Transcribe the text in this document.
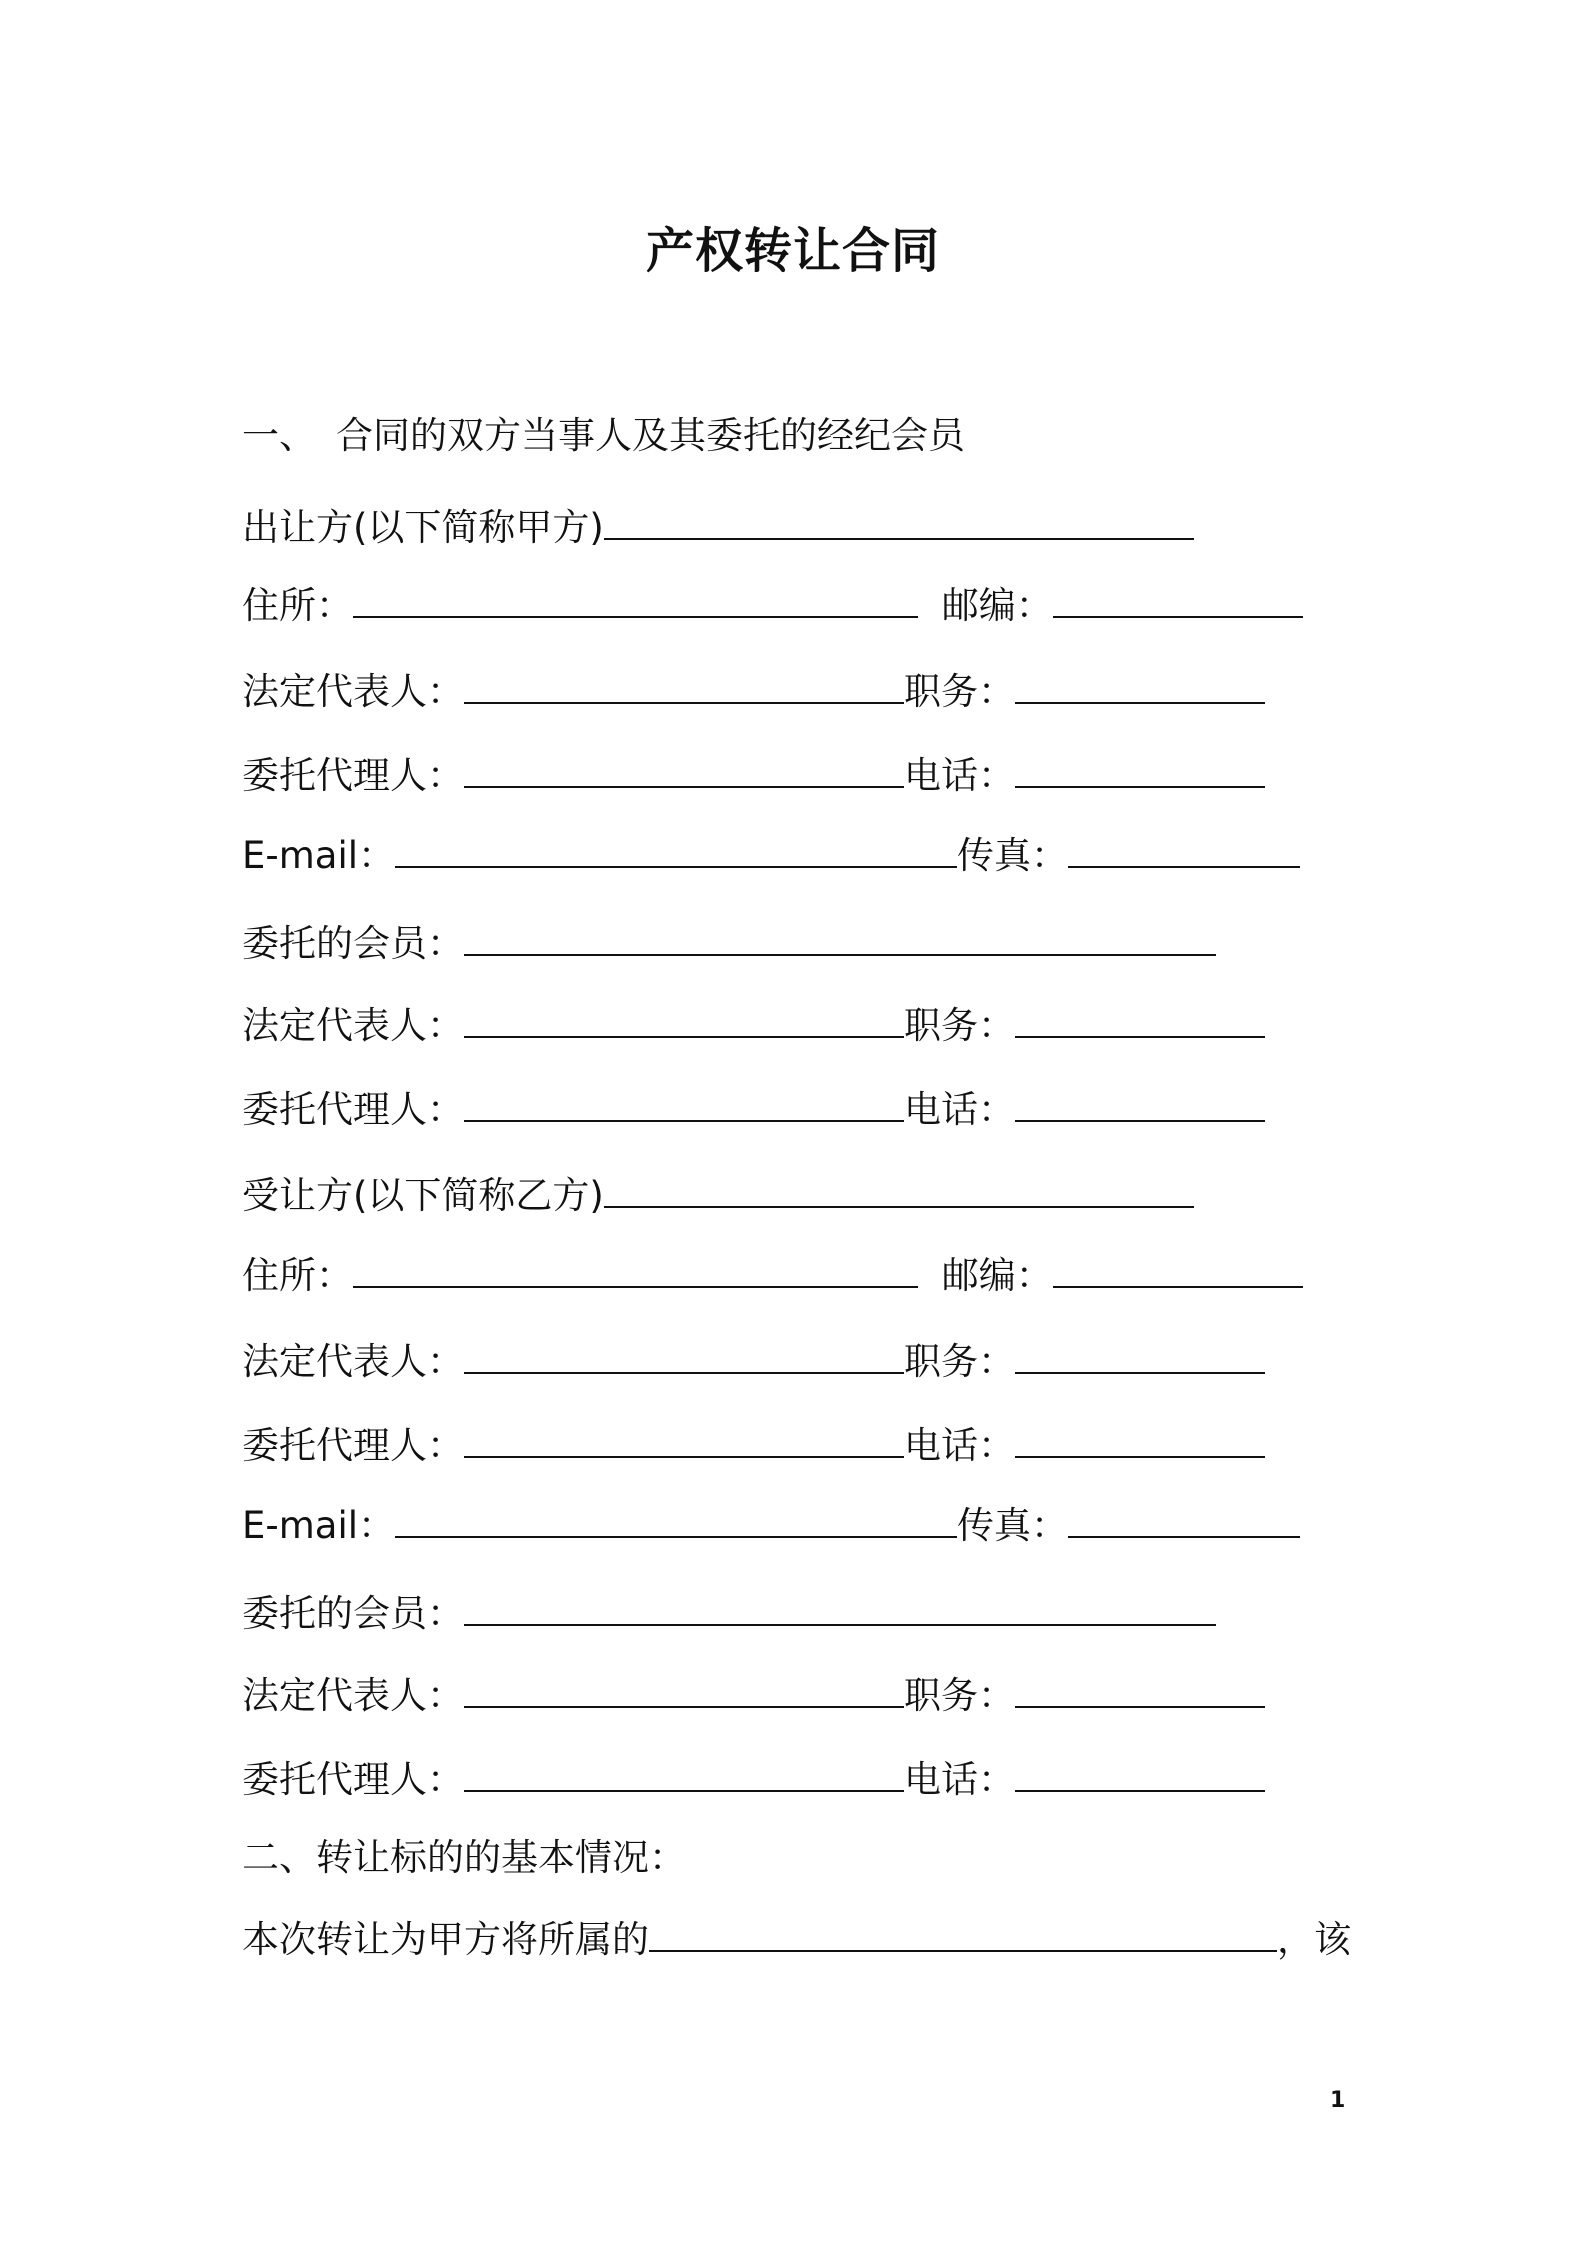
产权转让合同
一、 合同的双方当事人及其委托的经纪会员
出让方(以下简称甲方)
住所：	邮编：
法定代表人：	职务：
委托代理人：	电话：
E-mail：	传真：
委托的会员：
法定代表人：	职务：
委托代理人：	电话：
受让方(以下简称乙方)
住所：	邮编：
法定代表人：	职务：
委托代理人：	电话：
E-mail：	传真：
委托的会员：
法定代表人：	职务：
委托代理人：	电话：
二、转让标的的基本情况：
本次转让为甲方将所属的	，该
1
